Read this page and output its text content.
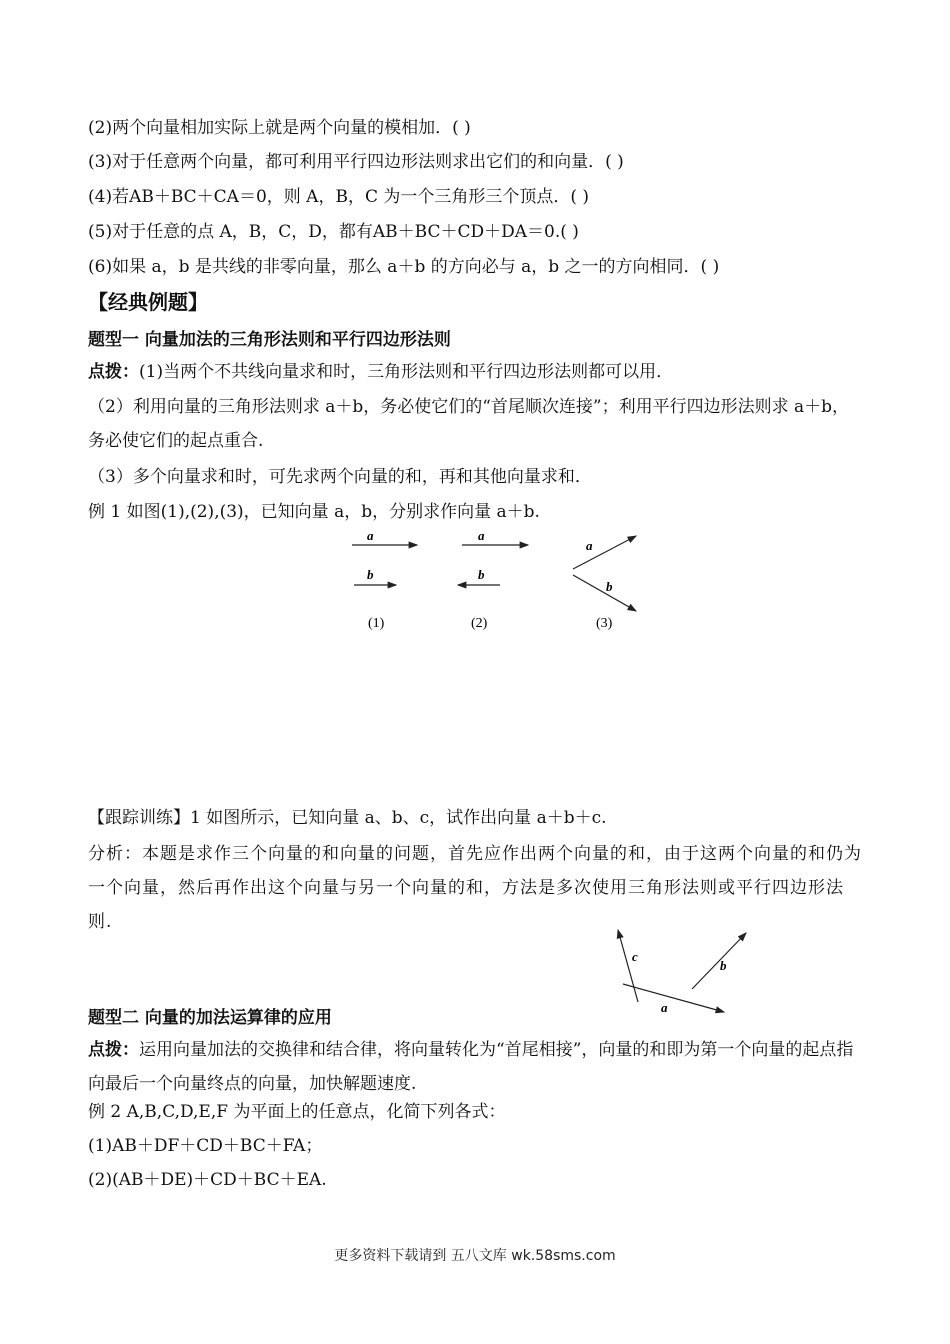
(2)两个向量相加实际上就是两个向量的模相加．( )
(3)对于任意两个向量，都可利用平行四边形法则求出它们的和向量．( )
(4)若AB＋BC＋CA＝0，则 A，B，C 为一个三角形三个顶点．( )
(5)对于任意的点 A，B，C，D，都有AB＋BC＋CD＋DA＝0.( )
(6)如果 a，b 是共线的非零向量，那么 a＋b 的方向必与 a，b 之一的方向相同．( )
【经典例题】
题型一 向量加法的三角形法则和平行四边形法则
点拨：(1)当两个不共线向量求和时，三角形法则和平行四边形法则都可以用．
（2）利用向量的三角形法则求 a＋b，务必使它们的“首尾顺次连接”；利用平行四边形法则求 a＋b，务必使它们的起点重合.
（3）多个向量求和时，可先求两个向量的和，再和其他向量求和．
例 1 如图(1),(2),(3)，已知向量 a，b，分别求作向量 a＋b.
a
b
(1)
a
b
(2)
a
b
(3)
【跟踪训练】1 如图所示，已知向量 a、b、c，试作出向量 a＋b＋c.
分析：本题是求作三个向量的和向量的问题，首先应作出两个向量的和，由于这两个向量的和仍为一个向量，然后再作出这个向量与另一个向量的和，方法是多次使用三角形法则或平行四边形法则.
c
b
a
题型二 向量的加法运算律的应用
点拨：运用向量加法的交换律和结合律，将向量转化为“首尾相接”，向量的和即为第一个向量的起点指向最后一个向量终点的向量，加快解题速度.
例 2 A,B,C,D,E,F 为平面上的任意点，化简下列各式：
(1)AB＋DF＋CD＋BC＋FA；
(2)(AB＋DE)＋CD＋BC＋EA.
更多资料下载请到 五八文库 wk.58sms.com
